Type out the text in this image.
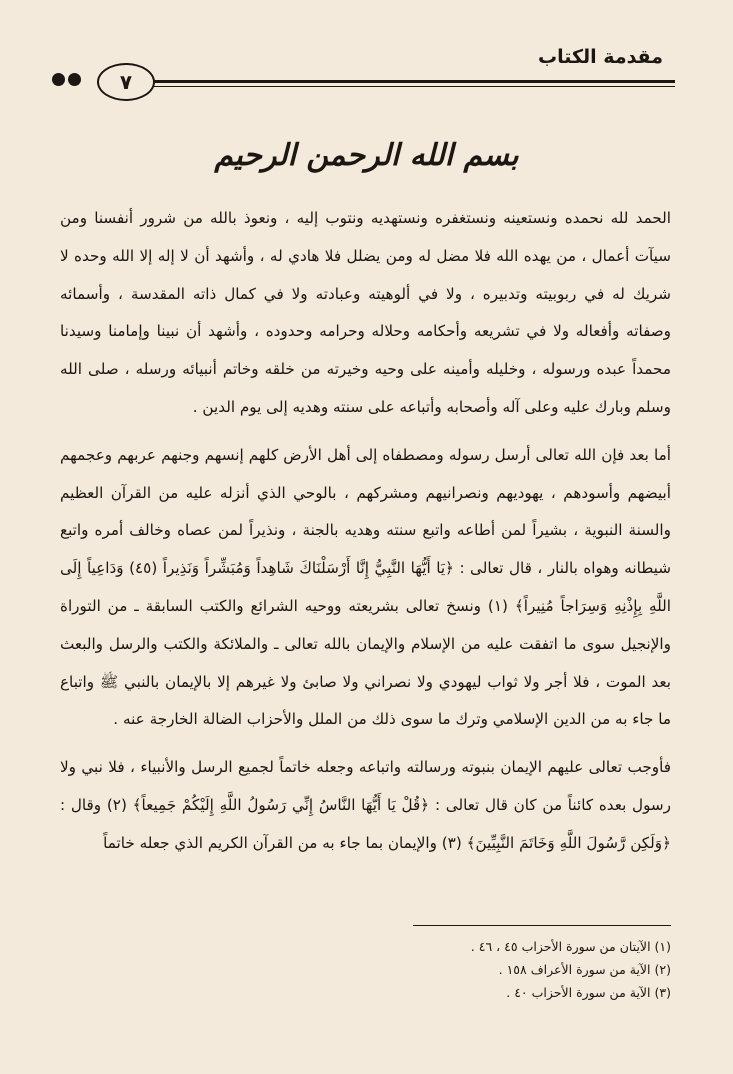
مقدمة الكتاب
٧
بسم الله الرحمن الرحيم

الحمد لله نحمده ونستعينه ونستغفره ونستهديه ونتوب إليه ، ونعوذ بالله من شرور أنفسنا ومن سيآت أعمال ، من يهده الله فلا مضل له ومن يضلل فلا هادي له ، وأشهد أن لا إله إلا الله وحده لا شريك له في ربوبيته وتدبيره ، ولا في ألوهيته وعبادته ولا في كمال ذاته المقدسة ، وأسمائه وصفاته وأفعاله ولا في تشريعه وأحكامه وحلاله وحرامه وحدوده ، وأشهد أن نبينا وإمامنا وسيدنا محمداً عبده ورسوله ، وخليله وأمينه على وحيه وخيرته من خلقه وخاتم أنبيائه ورسله ، صلى الله وسلم وبارك عليه وعلى آله وأصحابه وأتباعه على سنته وهديه إلى يوم الدين .

أما بعد فإن الله تعالى أرسل رسوله ومصطفاه إلى أهل الأرض كلهم إنسهم وجنهم عربهم وعجمهم أبيضهم وأسودهم ، يهوديهم ونصرانيهم ومشركهم ، بالوحي الذي أنزله عليه من القرآن العظيم والسنة النبوية ، بشيراً لمن أطاعه واتبع سنته وهديه بالجنة ، ونذيراً لمن عصاه وخالف أمره واتبع شيطانه وهواه بالنار ، قال تعالى : ﴿يَا أَيُّهَا النَّبِيُّ إِنَّا أَرْسَلْنَاكَ شَاهِداً وَمُبَشِّراً وَنَذِيراً (٤٥) وَدَاعِياً إِلَى اللَّهِ بِإِذْنِهِ وَسِرَاجاً مُنِيراً﴾ (١) ونسخ تعالى بشريعته ووحيه الشرائع والكتب السابقة ـ من التوراة والإنجيل سوى ما اتفقت عليه من الإسلام والإيمان بالله تعالى ـ والملائكة والكتب والرسل والبعث بعد الموت ، فلا أجر ولا ثواب ليهودي ولا نصراني ولا صابئ ولا غيرهم إلا بالإيمان بالنبي ﷺ واتباع ما جاء به من الدين الإسلامي وترك ما سوى ذلك من الملل والأحزاب الضالة الخارجة عنه .

فأوجب تعالى عليهم الإيمان بنبوته ورسالته واتباعه وجعله خاتماً لجميع الرسل والأنبياء ، فلا نبي ولا رسول بعده كائناً من كان قال تعالى : ﴿قُلْ يَا أَيُّهَا النَّاسُ إِنِّي رَسُولُ اللَّهِ إِلَيْكُمْ جَمِيعاً﴾ (٢) وقال : ﴿وَلَكِن رَّسُولَ اللَّهِ وَخَاتَمَ النَّبِيِّينَ﴾ (٣) والإيمان بما جاء به من القرآن الكريم الذي جعله خاتماً

(١) الآيتان من سورة الأحزاب ٤٥ ، ٤٦ .
(٢) الآية من سورة الأعراف ١٥٨ .
(٣) الآية من سورة الأحزاب ٤٠ .
